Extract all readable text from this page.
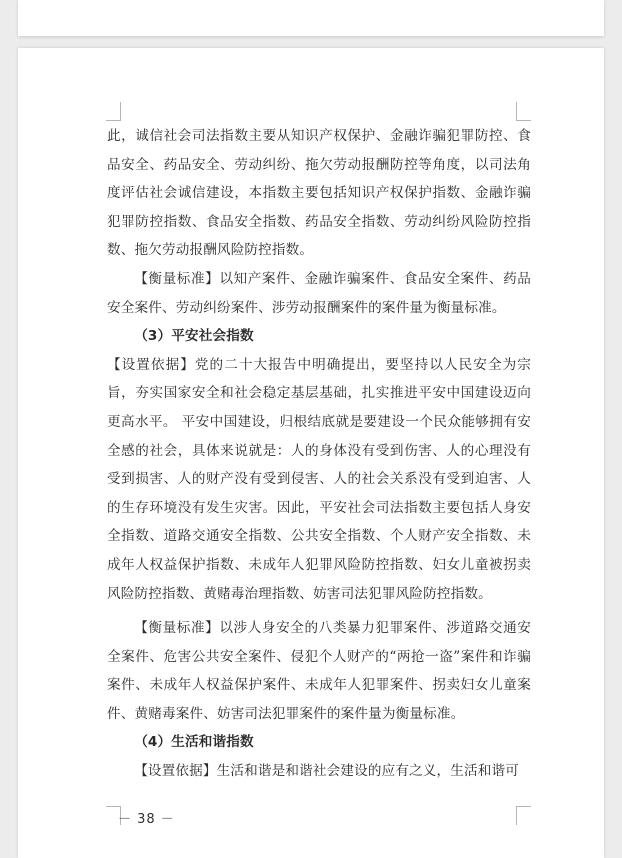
此，诚信社会司法指数主要从知识产权保护、金融诈骗犯罪防控、食品安全、药品安全、劳动纠纷、拖欠劳动报酬防控等角度，以司法角度评估社会诚信建设，本指数主要包括知识产权保护指数、金融诈骗犯罪防控指数、食品安全指数、药品安全指数、劳动纠纷风险防控指数、拖欠劳动报酬风险防控指数。

【衡量标准】以知产案件、金融诈骗案件、食品安全案件、药品安全案件、劳动纠纷案件、涉劳动报酬案件的案件量为衡量标准。

（3）平安社会指数

【设置依据】党的二十大报告中明确提出，要坚持以人民安全为宗旨，夯实国家安全和社会稳定基层基础，扎实推进平安中国建设迈向更高水平。 平安中国建设，归根结底就是要建设一个民众能够拥有安全感的社会，具体来说就是：人的身体没有受到伤害、人的心理没有受到损害、人的财产没有受到侵害、人的社会关系没有受到迫害、人的生存环境没有发生灾害。因此，平安社会司法指数主要包括人身安全指数、道路交通安全指数、公共安全指数、个人财产安全指数、未成年人权益保护指数、未成年人犯罪风险防控指数、妇女儿童被拐卖风险防控指数、黄赌毒治理指数、妨害司法犯罪风险防控指数。

【衡量标准】以涉人身安全的八类暴力犯罪案件、涉道路交通安全案件、危害公共安全案件、侵犯个人财产的“两抢一盗”案件和诈骗案件、未成年人权益保护案件、未成年人犯罪案件、拐卖妇女儿童案件、黄赌毒案件、妨害司法犯罪案件的案件量为衡量标准。

（4）生活和谐指数

【设置依据】生活和谐是和谐社会建设的应有之义，生活和谐可

－ 38 －
